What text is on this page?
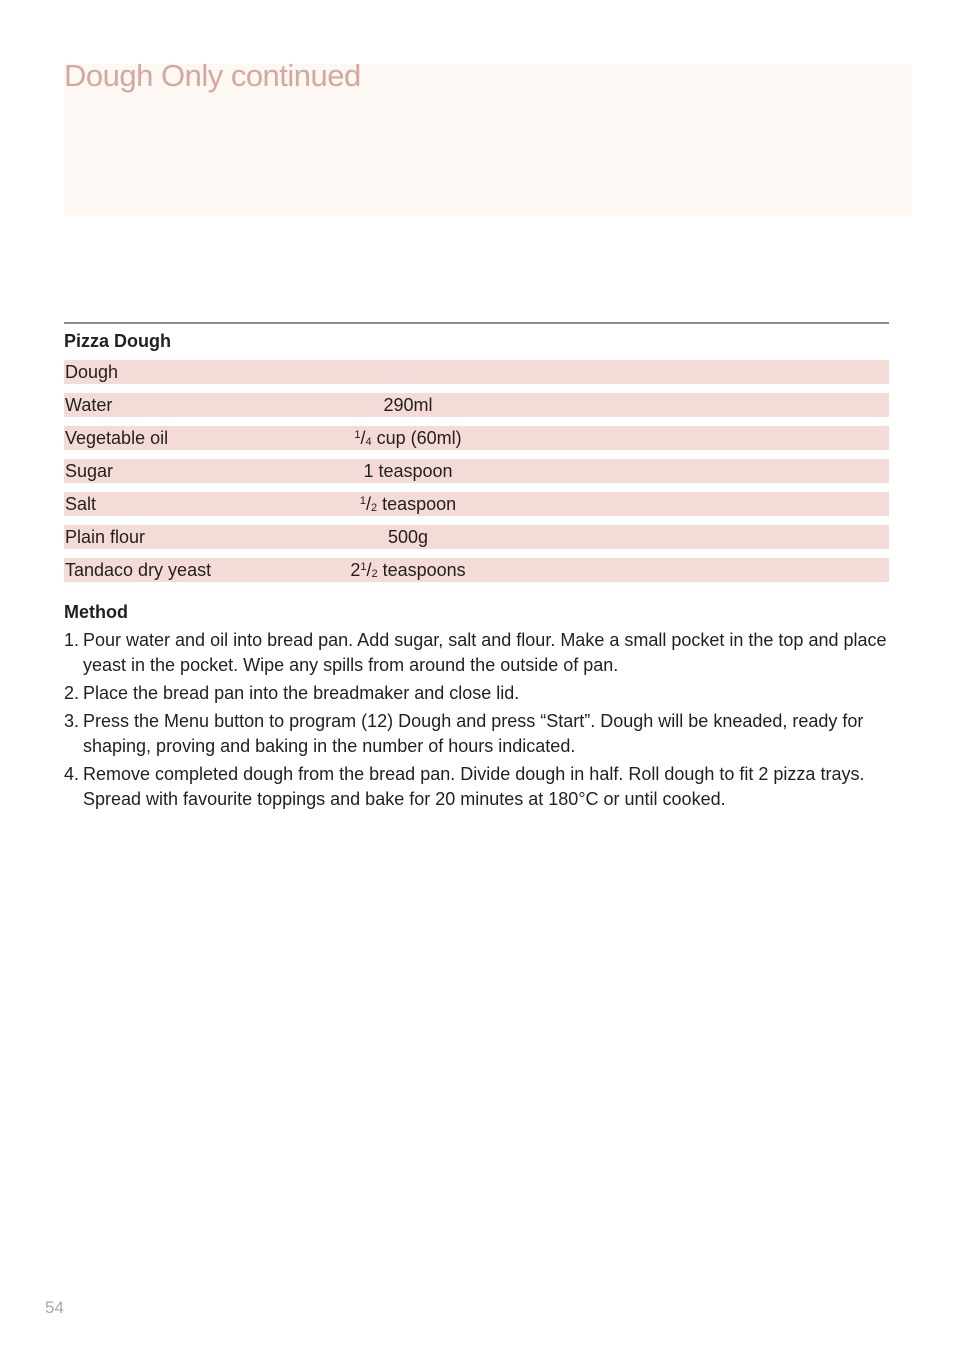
Dough Only continued
Pizza Dough
Dough
Water	290ml
Vegetable oil	$^1/_4$ cup (60ml)
Sugar	1 teaspoon
Salt	$^1/_2$ teaspoon
Plain flour	500g
Tandaco dry yeast	$2^1/_2$ teaspoons
Method
1. Pour water and oil into bread pan. Add sugar, salt and flour. Make a small pocket in the top and place yeast in the pocket. Wipe any spills from around the outside of pan.
2. Place the bread pan into the breadmaker and close lid.
3. Press the Menu button to program (12) Dough and press “Start”. Dough will be kneaded, ready for shaping, proving and baking in the number of hours indicated.
4. Remove completed dough from the bread pan. Divide dough in half. Roll dough to fit 2 pizza trays. Spread with favourite toppings and bake for 20 minutes at 180°C or until cooked.
54
